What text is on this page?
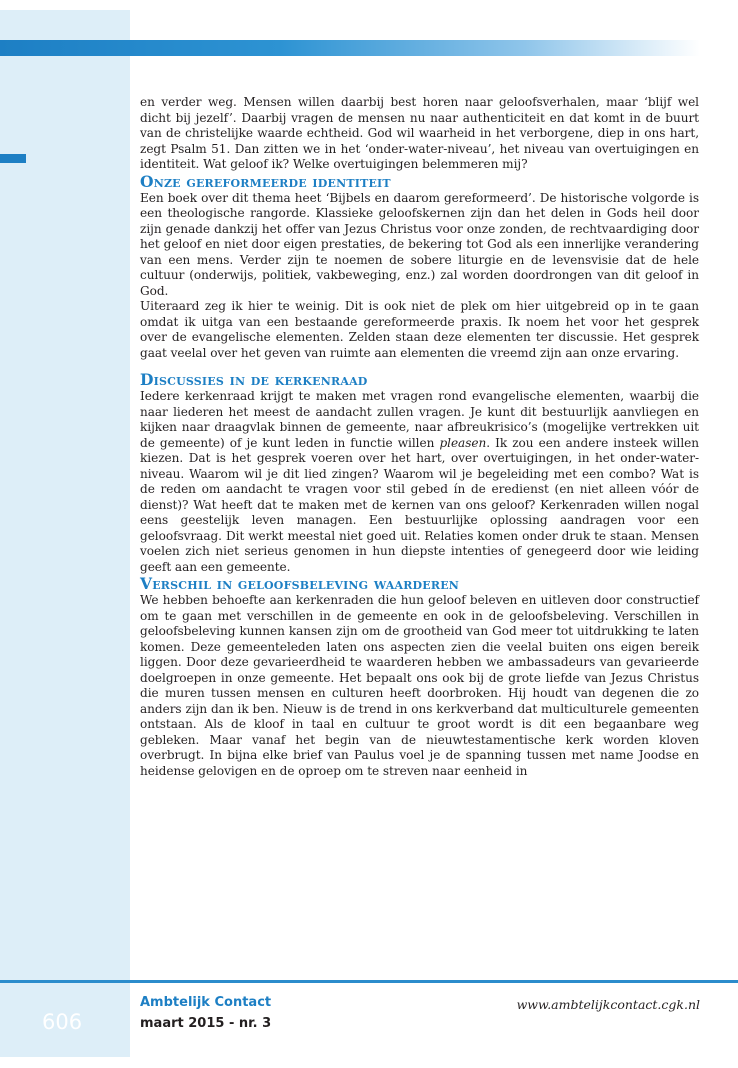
en verder weg. Mensen willen daarbij best horen naar geloofsverhalen, maar ‘blijf wel dicht bij jezelf’. Daarbij vragen de mensen nu naar authenticiteit en dat komt in de buurt van de christelijke waarde echtheid. God wil waarheid in het verborgene, diep in ons hart, zegt Psalm 51. Dan zitten we in het ‘onder-water-niveau’, het niveau van overtuigingen en identiteit. Wat geloof ik? Welke overtuigingen belemmeren mij?

Onze gereformeerde identiteit

Een boek over dit thema heet ‘Bijbels en daarom gereformeerd’. De historische volgorde is een theologische rangorde. Klassieke geloofskernen zijn dan het delen in Gods heil door zijn genade dankzij het offer van Jezus Christus voor onze zonden, de rechtvaardiging door het geloof en niet door eigen prestaties, de bekering tot God als een innerlijke verandering van een mens. Verder zijn te noemen de sobere liturgie en de levensvisie dat de hele cultuur (onderwijs, politiek, vakbeweging, enz.) zal worden doordrongen van dit geloof in God.

Uiteraard zeg ik hier te weinig. Dit is ook niet de plek om hier uitgebreid op in te gaan omdat ik uitga van een bestaande gereformeerde praxis. Ik noem het voor het gesprek over de evangelische elementen. Zelden staan deze elementen ter discussie. Het gesprek gaat veelal over het geven van ruimte aan elementen die vreemd zijn aan onze ervaring.

Discussies in de kerkenraad

Iedere kerkenraad krijgt te maken met vragen rond evangelische elementen, waarbij die naar liederen het meest de aandacht zullen vragen. Je kunt dit bestuurlijk aanvliegen en kijken naar draagvlak binnen de gemeente, naar afbreukrisico’s (mogelijke vertrekken uit de gemeente) of je kunt leden in functie willen pleasen. Ik zou een andere insteek willen kiezen. Dat is het gesprek voeren over het hart, over overtuigingen, in het onder-water-niveau. Waarom wil je dit lied zingen? Waarom wil je begeleiding met een combo? Wat is de reden om aandacht te vragen voor stil gebed ín de eredienst (en niet alleen vóór de dienst)? Wat heeft dat te maken met de kernen van ons geloof? Kerkenraden willen nogal eens geestelijk leven managen. Een bestuurlijke oplossing aandragen voor een geloofsvraag. Dit werkt meestal niet goed uit. Relaties komen onder druk te staan. Mensen voelen zich niet serieus genomen in hun diepste intenties of genegeerd door wie leiding geeft aan een gemeente.

Verschil in geloofsbeleving waarderen

We hebben behoefte aan kerkenraden die hun geloof beleven en uitleven door constructief om te gaan met verschillen in de gemeente en ook in de geloofsbeleving. Verschillen in geloofsbeleving kunnen kansen zijn om de grootheid van God meer tot uitdrukking te laten komen. Deze gemeenteleden laten ons aspecten zien die veelal buiten ons eigen bereik liggen. Door deze gevarieerdheid te waarderen hebben we ambassadeurs van gevarieerde doelgroepen in onze gemeente. Het bepaalt ons ook bij de grote liefde van Jezus Christus die muren tussen mensen en culturen heeft doorbroken. Hij houdt van degenen die zo anders zijn dan ik ben. Nieuw is de trend in ons kerkverband dat multiculturele gemeenten ontstaan. Als de kloof in taal en cultuur te groot wordt is dit een begaanbare weg gebleken. Maar vanaf het begin van de nieuwtestamentische kerk worden kloven overbrugt. In bijna elke brief van Paulus voel je de spanning tussen met name Joodse en heidense gelovigen en de oproep om te streven naar eenheid in

606
Ambtelijk Contact
maart 2015 - nr. 3
www.ambtelijkcontact.cgk.nl
